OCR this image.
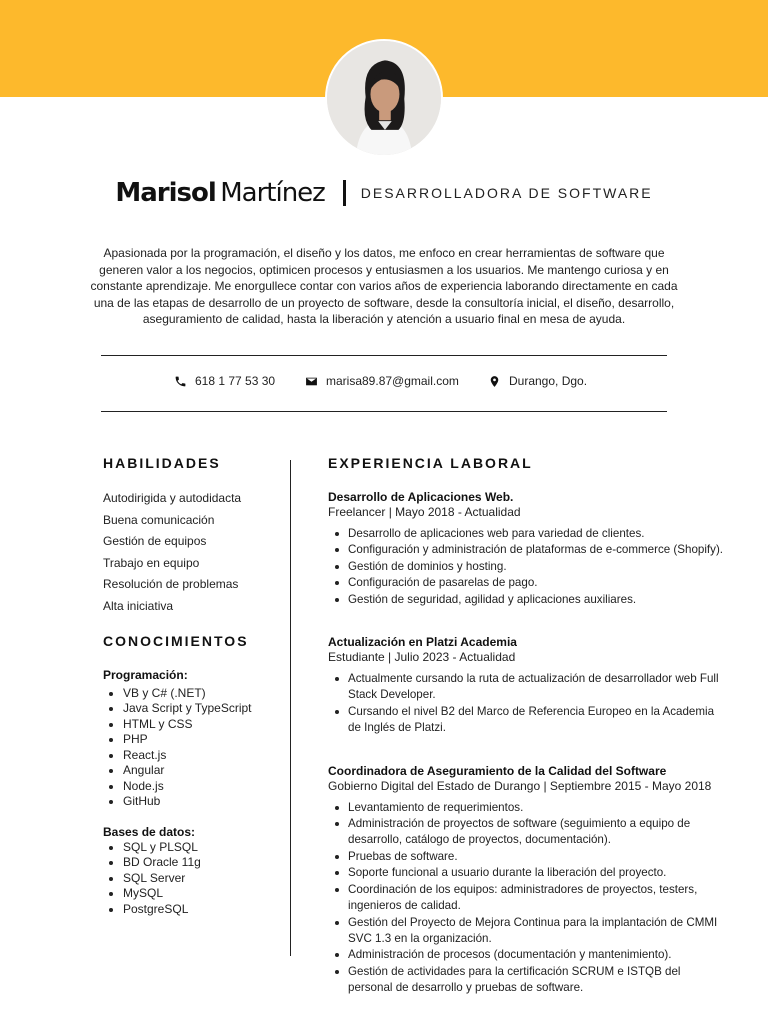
Marisol Martínez	DESARROLLADORA DE SOFTWARE

Apasionada por la programación, el diseño y los datos, me enfoco en crear herramientas de software que generen valor a los negocios, optimicen procesos y entusiasmen a los usuarios. Me mantengo curiosa y en constante aprendizaje. Me enorgullece contar con varios años de experiencia laborando directamente en cada una de las etapas de desarrollo de un proyecto de software, desde la consultoría inicial, el diseño, desarrollo, aseguramiento de calidad, hasta la liberación y atención a usuario final en mesa de ayuda.

618 1 77 53 30	marisa89.87@gmail.com	Durango, Dgo.
HABILIDADES
Autodirigida y autodidacta
Buena comunicación
Gestión de equipos
Trabajo en equipo
Resolución de problemas
Alta iniciativa
CONOCIMIENTOS
Programación:
VB y C# (.NET)
Java Script y TypeScript
HTML y CSS
PHP
React.js
Angular
Node.js
GitHub
Bases de datos:
SQL y PLSQL
BD Oracle 11g
SQL Server
MySQL
PostgreSQL
EXPERIENCIA LABORAL
Desarrollo de Aplicaciones Web.
Freelancer | Mayo 2018 - Actualidad
Desarrollo de aplicaciones web para variedad de clientes.
Configuración y administración de plataformas de e-commerce (Shopify).
Gestión de dominios y hosting.
Configuración de pasarelas de pago.
Gestión de seguridad, agilidad y aplicaciones auxiliares.
Actualización en Platzi Academia
Estudiante | Julio 2023 - Actualidad
Actualmente cursando la ruta de actualización de desarrollador web Full Stack Developer.
Cursando el nivel B2 del Marco de Referencia Europeo en la Academia de Inglés de Platzi.
Coordinadora de Aseguramiento de la Calidad del Software
Gobierno Digital del Estado de Durango | Septiembre 2015 - Mayo 2018
Levantamiento de requerimientos.
Administración de proyectos de software (seguimiento a equipo de desarrollo, catálogo de proyectos, documentación).
Pruebas de software.
Soporte funcional a usuario durante la liberación del proyecto.
Coordinación de los equipos: administradores de proyectos, testers, ingenieros de calidad.
Gestión del Proyecto de Mejora Continua para la implantación de CMMI SVC 1.3 en la organización.
Administración de procesos (documentación y mantenimiento).
Gestión de actividades para la certificación SCRUM e ISTQB del personal de desarrollo y pruebas de software.
